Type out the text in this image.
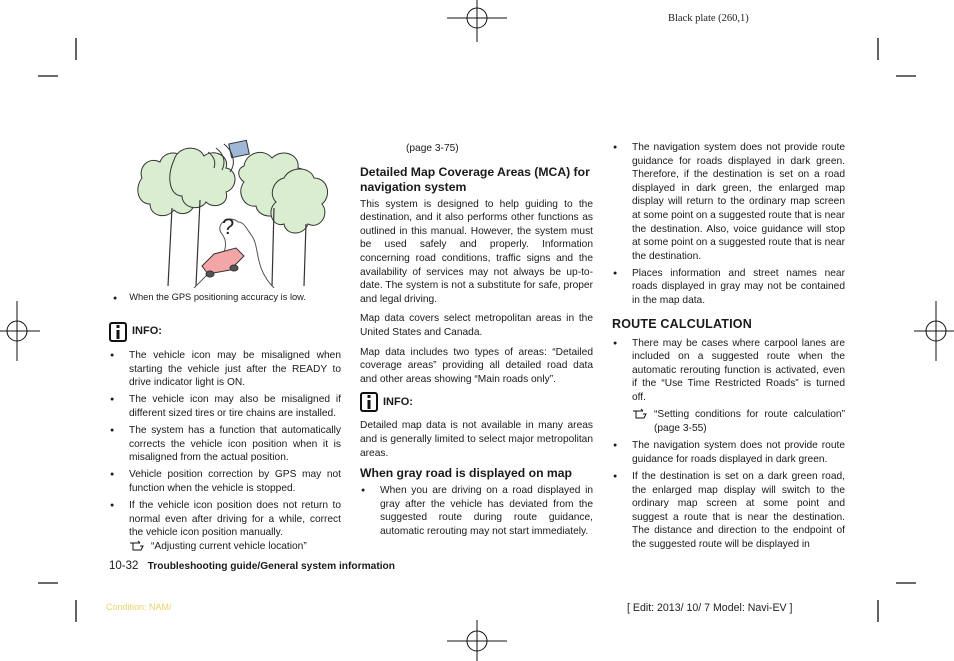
Black plate (260,1)
?
● When the GPS positioning accuracy is low.
INFO:
● The vehicle icon may be misaligned when starting the vehicle just after the READY to drive indicator light is ON.
● The vehicle icon may also be misaligned if different sized tires or tire chains are installed.
● The system has a function that automatically corrects the vehicle icon position when it is misaligned from the actual position.
● Vehicle position correction by GPS may not function when the vehicle is stopped.
● If the vehicle icon position does not return to normal even after driving for a while, correct the vehicle icon position manually.
“Adjusting current vehicle location”

(page 3-75)

Detailed Map Coverage Areas (MCA) for navigation system

This system is designed to help guiding to the destination, and it also performs other functions as outlined in this manual. However, the system must be used safely and properly. Information concerning road conditions, traffic signs and the availability of services may not always be up-to-date. The system is not a substitute for safe, proper and legal driving.

Map data covers select metropolitan areas in the United States and Canada.

Map data includes two types of areas: “Detailed coverage areas” providing all detailed road data and other areas showing “Main roads only”.

INFO:

Detailed map data is not available in many areas and is generally limited to select major metropolitan areas.

When gray road is displayed on map
● When you are driving on a road displayed in gray after the vehicle has deviated from the suggested route during route guidance, automatic rerouting may not start immediately.
● The navigation system does not provide route guidance for roads displayed in dark green. Therefore, if the destination is set on a road displayed in dark green, the enlarged map display will return to the ordinary map screen at some point on a suggested route that is near the destination. Also, voice guidance will stop at some point on a suggested route that is near the destination.
● Places information and street names near roads displayed in gray may not be contained in the map data.
ROUTE CALCULATION
● There may be cases where carpool lanes are included on a suggested route when the automatic rerouting function is activated, even if the “Use Time Restricted Roads” is turned off.
“Setting conditions for route calculation” (page 3-55)
● The navigation system does not provide route guidance for roads displayed in dark green.
● If the destination is set on a dark green road, the enlarged map display will switch to the ordinary map screen at some point and suggest a route that is near the destination. The distance and direction to the endpoint of the suggested route will be displayed in
10-32 Troubleshooting guide/General system information
Condition: NAM/	[ Edit: 2013/ 10/ 7 Model: Navi-EV ]
